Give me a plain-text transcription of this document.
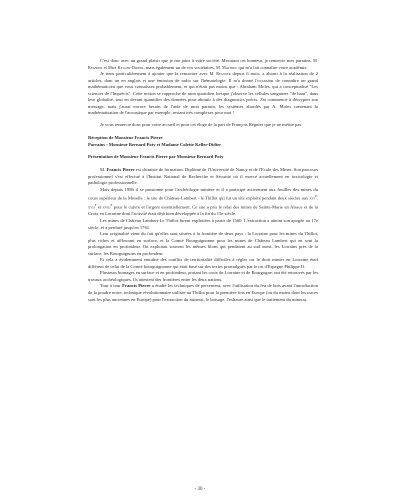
C'est donc avec un grand plaisir que je me joins à votre société. Mesurant cet honneur, je remercie mes parrains, M. Regnier et Mme Keller-Didier, mais également un de vos sociétaires, M. Mathieu qui m'a fait connaître votre académie.

Je tiens particulièrement à ajouter que la rencontre avec M. Regnier depuis 6 mois, a abouti à la réalisation de 2 articles, dont un en anglais et une émission de radio sur l'hématologie. Il m'a donné l'occasion de connaître un grand mathématicien que vous connaissez probablement, et qui n'était pas moins que : Abraham Moles, qui a conceptualisé "Les sciences de l'Imprécis". Cette notion se rapproche de mon quotidien lorsque j'observe les cellules sanguines "de haut", dans leur globalité, tout en devant quantifier des données pour aboutir à des diagnostics précis. J'ai commencé à décrypter son message, mais j'aurai encore besoin de l'aide de mon parrain, les systèmes abordés par A. Moles contenant la mathématisation de l'acoustique par exemple, restant très complexes pour moi !

Je vous remercie donc pour votre accueil et pour cet éloge de la part de François Régnier que je ne mérite pas.

Réception de Monsieur Francis Pierre

Parrains : Monsieur Bernard Poty et Madame Colette Keller-Didier

Présentation de Monsieur Francis Pierre par Monsieur Bernard Poty

M. Francis Pierre est chimiste de formation, Diplômé de l'Université de Nancy et de l'Ecole des Mines. Son parcours professionnel s'est effectué à l'Institut National de Recherche et Sécurité où il exerce actuellement en toxicologie et pathologie professionnelle.

Mais depuis 1986 il se passionne pour l'archéologie minière et il a participé activement aux fouilles des mines du cours supérieur de la Moselle : le site de Château-Lambert - le Thillot qui fut un site exploité pendant deux siècles aux xvi$^e$, xvii$^e$ et xviii$^e$ pour le cuivre et l'argent essentiellement. Ce site a pris le relai des mines de Sainte-Marie en Alsace et de la Croix en Lorraine dont l'activité était déjà bien développée à la fin du 15e siècle.

Les mines de Château Lambert-Le Thillot furent exploitées à partir de 1560. L'extraction a atteint son apogée au 17e siècle, et a perduré jusqu'en 1761.

Leur originalité vient du fait qu'elles sont situées à la frontière de deux pays : la Lorraine pour les mines du Thillot, plus riches et affleurant en surface, et la Comté Bourguignonne pour les mines de Château Lambert qui en sont la prolongation en profondeur. On exploitait souvent les mêmes filons qui pendaient au sud ouest, les Lorrains près de la surface, les Bourguignons en profondeur.

Et cela a évidemment entraîné des conflits de territorialité difficiles à régler car le droit minier en Lorraine était différent de celui de la Comté bourguignonne qui était basé sur des textes promulgués par le roi d'Espagne Philippe II.

Plusieurs bornages en surface et en profondeur, portant les croix de Lorraine et de Bourgogne, ont été retrouvés par les travaux archéologiques. Ils attestent des frontières entre les deux nations.

Tour à tour Francis Pierre a étudié les techniques de percement, avec l'utilisation du feu de bois avant l'introduction de la poudre noire, technique révolutionnaire utilisée au Thillot pour la première fois en Europe (ou du moins dont les traces sont les plus anciennes en Europe) pour l'extraction du minerai, le boisage, l'exhaure ainsi que le traitement du minerai.

- 30 -
